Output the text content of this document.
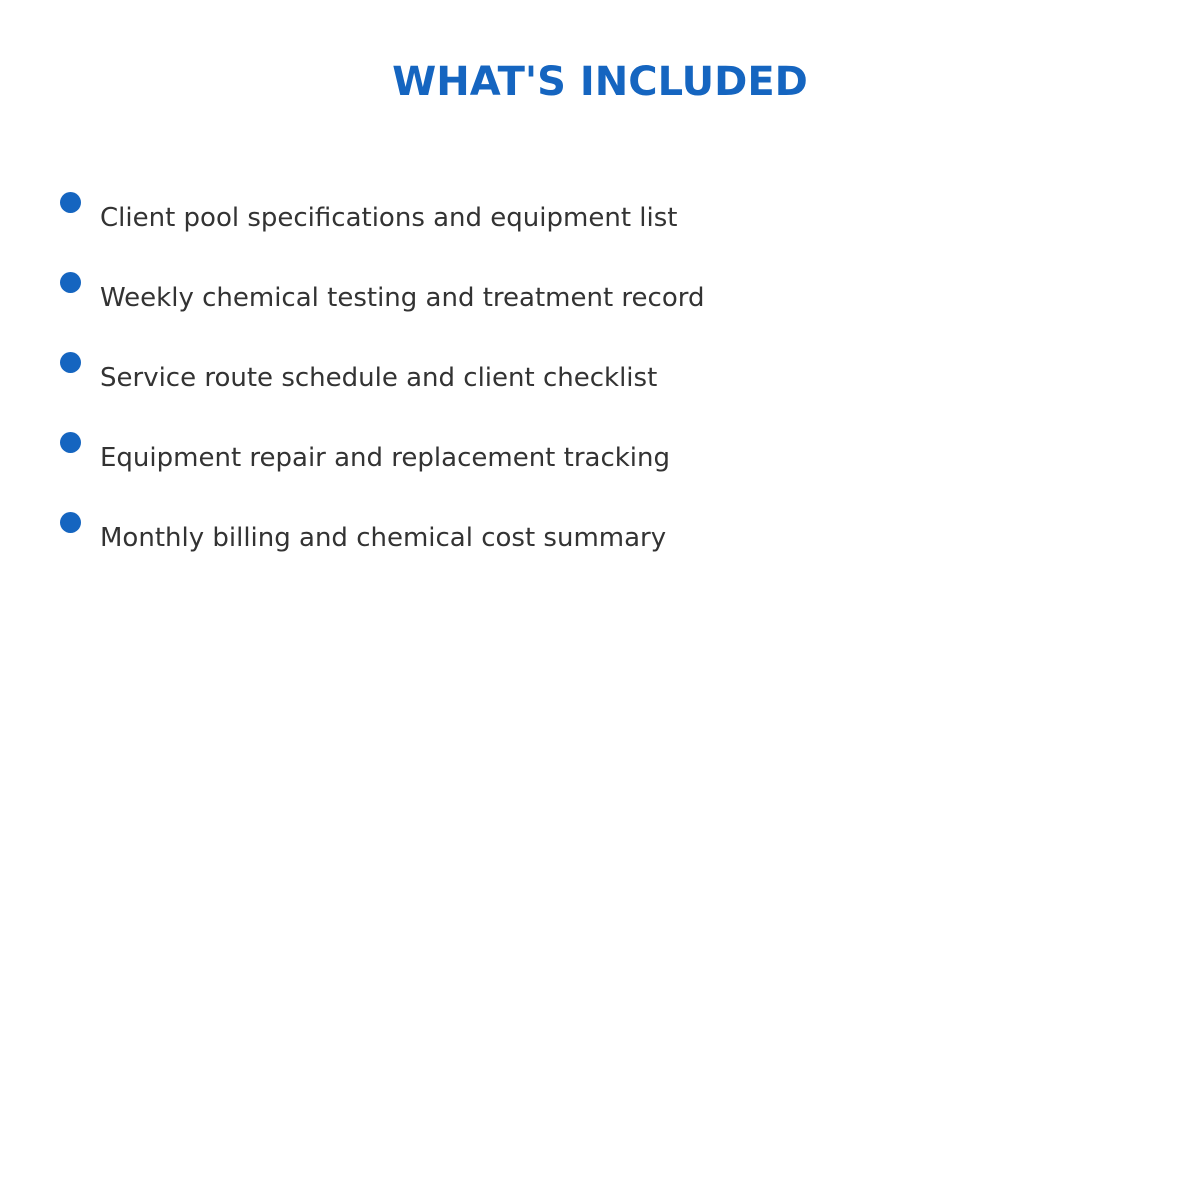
WHAT'S INCLUDED
Client pool specifications and equipment list
Weekly chemical testing and treatment record
Service route schedule and client checklist
Equipment repair and replacement tracking
Monthly billing and chemical cost summary
